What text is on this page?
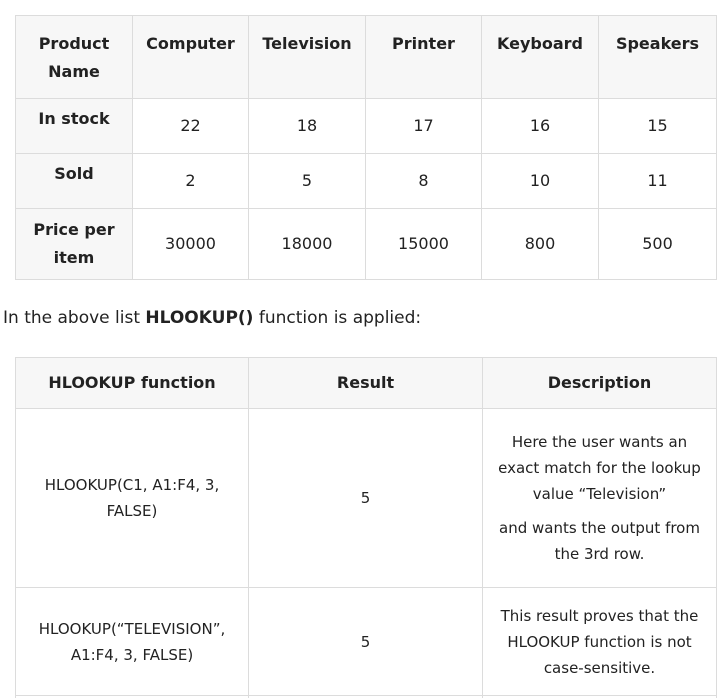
Product Name	Computer	Television	Printer	Keyboard	Speakers
In stock	22	18	17	16	15
Sold	2	5	8	10	11
Price per item	30000	18000	15000	800	500

In the above list HLOOKUP() function is applied:

HLOOKUP function	Result	Description
HLOOKUP(C1, A1:F4, 3, FALSE)	5	Here the user wants an exact match for the lookup value “Television”

and wants the output from the 3rd row.

HLOOKUP(“TELEVISION”, A1:F4, 3, FALSE)	5	This result proves that the HLOOKUP function is not case-sensitive.
